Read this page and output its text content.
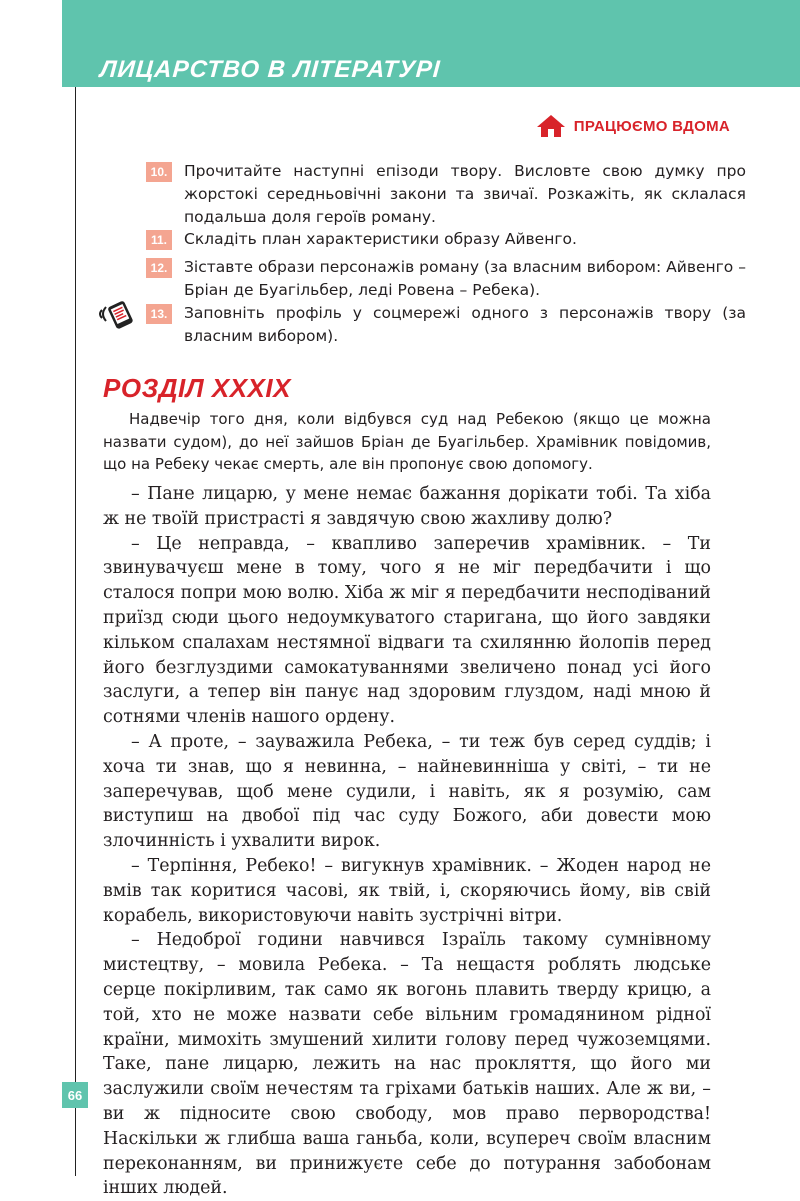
ЛИЦАРСТВО В ЛІТЕРАТУРІ
ПРАЦЮЄМО ВДОМА
10.	Прочитайте наступні епізоди твору. Висловте свою думку про жорстокі середньовічні закони та звичаї. Розкажіть, як склалася подальша доля героїв роману.
11.	Складіть план характеристики образу Айвенго.
12.	Зіставте образи персонажів роману (за власним вибором: Айвенго – Бріан де Буагільбер, леді Ровена – Ребека).
13.	Заповніть профіль у соцмережі одного з персонажів твору (за власним вибором).
РОЗДІЛ XXXIX
Надвечір того дня, коли відбувся суд над Ребекою (якщо це можна назвати судом), до неї зайшов Бріан де Буагільбер. Храмівник повідомив, що на Ребеку чекає смерть, але він пропонує свою допомогу.

– Пане лицарю, у мене немає бажання дорікати тобі. Та хіба ж не твоїй пристрасті я завдячую свою жахливу долю?

– Це неправда, – квапливо заперечив храмівник. – Ти звинувачуєш мене в тому, чого я не міг передбачити і що сталося попри мою волю. Хіба ж міг я передбачити несподіваний приїзд сюди цього недоумкуватого старигана, що його завдяки кільком спалахам нестямної відваги та схилянню йолопів перед його безглуздими самокатуваннями звеличено понад усі його заслуги, а тепер він панує над здоровим глуздом, наді мною й сотнями членів нашого ордену.

– А проте, – зауважила Ребека, – ти теж був серед суддів; і хоча ти знав, що я невинна, – найневинніша у світі, – ти не заперечував, щоб мене судили, і навіть, як я розумію, сам виступиш на двобої під час суду Божого, аби довести мою злочинність і ухвалити вирок.

– Терпіння, Ребеко! – вигукнув храмівник. – Жоден народ не вмів так коритися часові, як твій, і, скоряючись йому, вів свій корабель, використовуючи навіть зустрічні вітри.

– Недоброї години навчився Ізраїль такому сумнівному мистецтву, – мовила Ребека. – Та нещастя роблять людське серце покірливим, так само як вогонь плавить тверду крицю, а той, хто не може назвати себе вільним громадянином рідної країни, мимохіть змушений хилити голову перед чужоземцями. Таке, пане лицарю, лежить на нас прокляття, що його ми заслужили своїм нечестям та гріхами батьків наших. Але ж ви, – ви ж підносите свою свободу, мов право первородства! Наскільки ж глибша ваша ганьба, коли, всупереч своїм власним переконанням, ви принижуєте себе до потурання забобонам інших людей.

66
